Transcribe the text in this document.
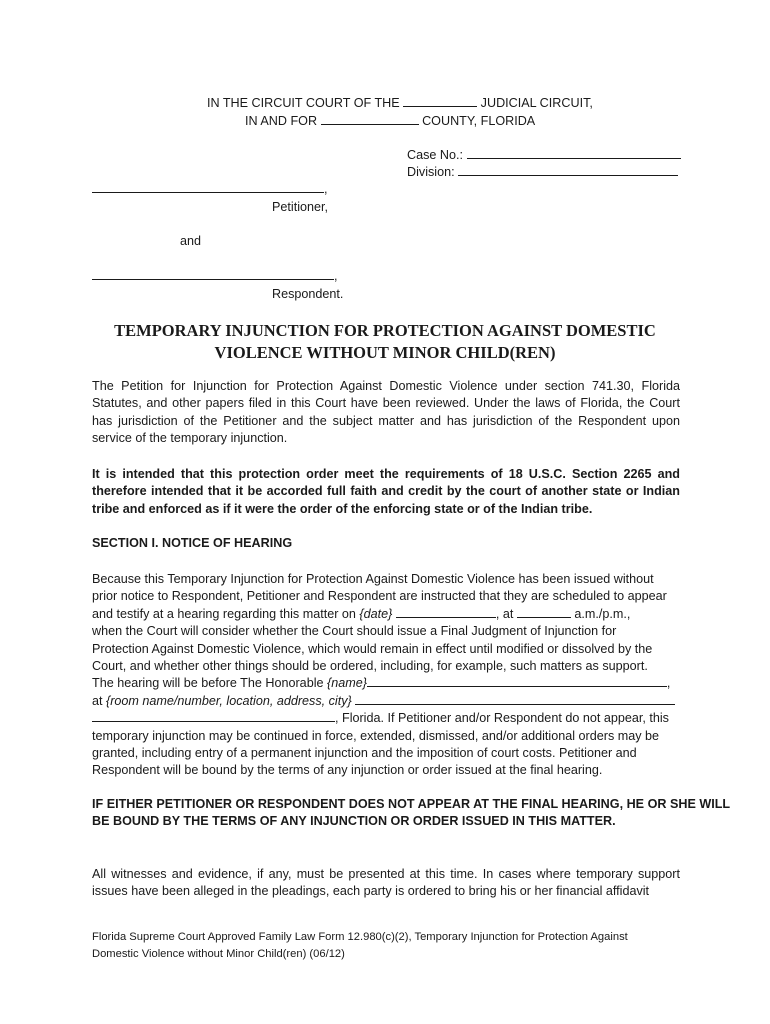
IN THE CIRCUIT COURT OF THE	JUDICIAL CIRCUIT,
IN AND FOR	COUNTY, FLORIDA
Case No.:
Division:
,
Petitioner,
and
,
Respondent.
TEMPORARY INJUNCTION FOR PROTECTION AGAINST DOMESTIC
VIOLENCE WITHOUT MINOR CHILD(REN)
The Petition for Injunction for Protection Against Domestic Violence under section 741.30, Florida Statutes, and other papers filed in this Court have been reviewed. Under the laws of Florida, the Court has jurisdiction of the Petitioner and the subject matter and has jurisdiction of the Respondent upon service of the temporary injunction.
It is intended that this protection order meet the requirements of 18 U.S.C. Section 2265 and therefore intended that it be accorded full faith and credit by the court of another state or Indian tribe and enforced as if it were the order of the enforcing state or of the Indian tribe.
SECTION I. NOTICE OF HEARING
Because this Temporary Injunction for Protection Against Domestic Violence has been issued without
prior notice to Respondent, Petitioner and Respondent are instructed that they are scheduled to appear
and testify at a hearing regarding this matter on {date}	, at	a.m./p.m.,
when the Court will consider whether the Court should issue a Final Judgment of Injunction for
Protection Against Domestic Violence, which would remain in effect until modified or dissolved by the
Court, and whether other things should be ordered, including, for example, such matters as support.
The hearing will be before The Honorable {name}	,
at {room name/number, location, address, city}
, Florida. If Petitioner and/or Respondent do not appear, this
temporary injunction may be continued in force, extended, dismissed, and/or additional orders may be
granted, including entry of a permanent injunction and the imposition of court costs. Petitioner and
Respondent will be bound by the terms of any injunction or order issued at the final hearing.
IF EITHER PETITIONER OR RESPONDENT DOES NOT APPEAR AT THE FINAL HEARING, HE OR SHE WILL
BE BOUND BY THE TERMS OF ANY INJUNCTION OR ORDER ISSUED IN THIS MATTER.
All witnesses and evidence, if any, must be presented at this time. In cases where temporary support issues have been alleged in the pleadings, each party is ordered to bring his or her financial affidavit
Florida Supreme Court Approved Family Law Form 12.980(c)(2), Temporary Injunction for Protection Against
Domestic Violence without Minor Child(ren) (06/12)
